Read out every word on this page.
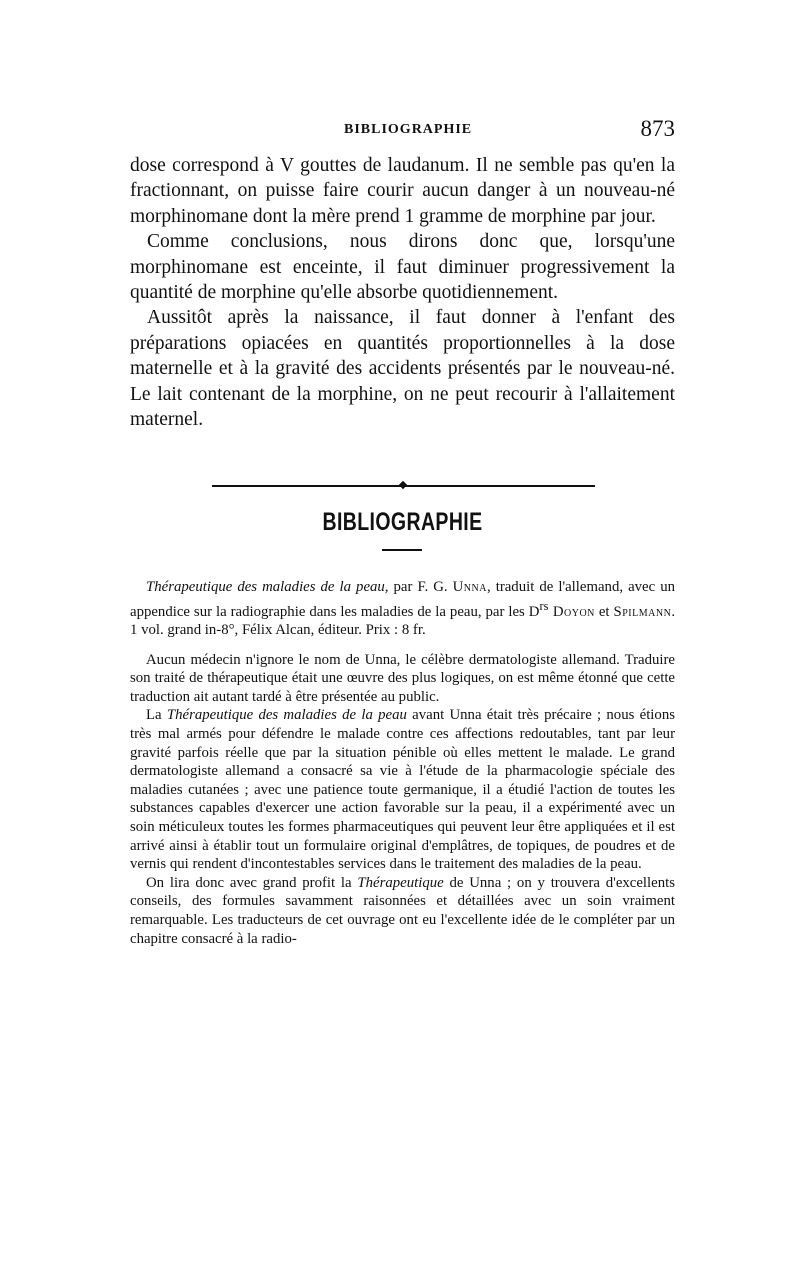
BIBLIOGRAPHIE	873

dose correspond à V gouttes de laudanum. Il ne semble pas qu'en la fractionnant, on puisse faire courir aucun danger à un nouveau-né morphinomane dont la mère prend 1 gramme de morphine par jour.

Comme conclusions, nous dirons donc que, lorsqu'une morphinomane est enceinte, il faut diminuer progressivement la quantité de morphine qu'elle absorbe quotidiennement.

Aussitôt après la naissance, il faut donner à l'enfant des préparations opiacées en quantités proportionnelles à la dose maternelle et à la gravité des accidents présentés par le nouveau-né. Le lait contenant de la morphine, on ne peut recourir à l'allaitement maternel.

BIBLIOGRAPHIE

Thérapeutique des maladies de la peau, par F. G. Unna, traduit de l'allemand, avec un appendice sur la radiographie dans les maladies de la peau, par les $D^{rs}$ Doyon et Spilmann. 1 vol. grand in-8°, Félix Alcan, éditeur. Prix : 8 fr.

Aucun médecin n'ignore le nom de Unna, le célèbre dermatologiste allemand. Traduire son traité de thérapeutique était une œuvre des plus logiques, on est même étonné que cette traduction ait autant tardé à être présentée au public.

La Thérapeutique des maladies de la peau avant Unna était très précaire ; nous étions très mal armés pour défendre le malade contre ces affections redoutables, tant par leur gravité parfois réelle que par la situation pénible où elles mettent le malade. Le grand dermatologiste allemand a consacré sa vie à l'étude de la pharmacologie spéciale des maladies cutanées ; avec une patience toute germanique, il a étudié l'action de toutes les substances capables d'exercer une action favorable sur la peau, il a expérimenté avec un soin méticuleux toutes les formes pharmaceutiques qui peuvent leur être appliquées et il est arrivé ainsi à établir tout un formulaire original d'emplâtres, de topiques, de poudres et de vernis qui rendent d'incontestables services dans le traitement des maladies de la peau.

On lira donc avec grand profit la Thérapeutique de Unna ; on y trouvera d'excellents conseils, des formules savamment raisonnées et détaillées avec un soin vraiment remarquable. Les traducteurs de cet ouvrage ont eu l'excellente idée de le compléter par un chapitre consacré à la radio-
